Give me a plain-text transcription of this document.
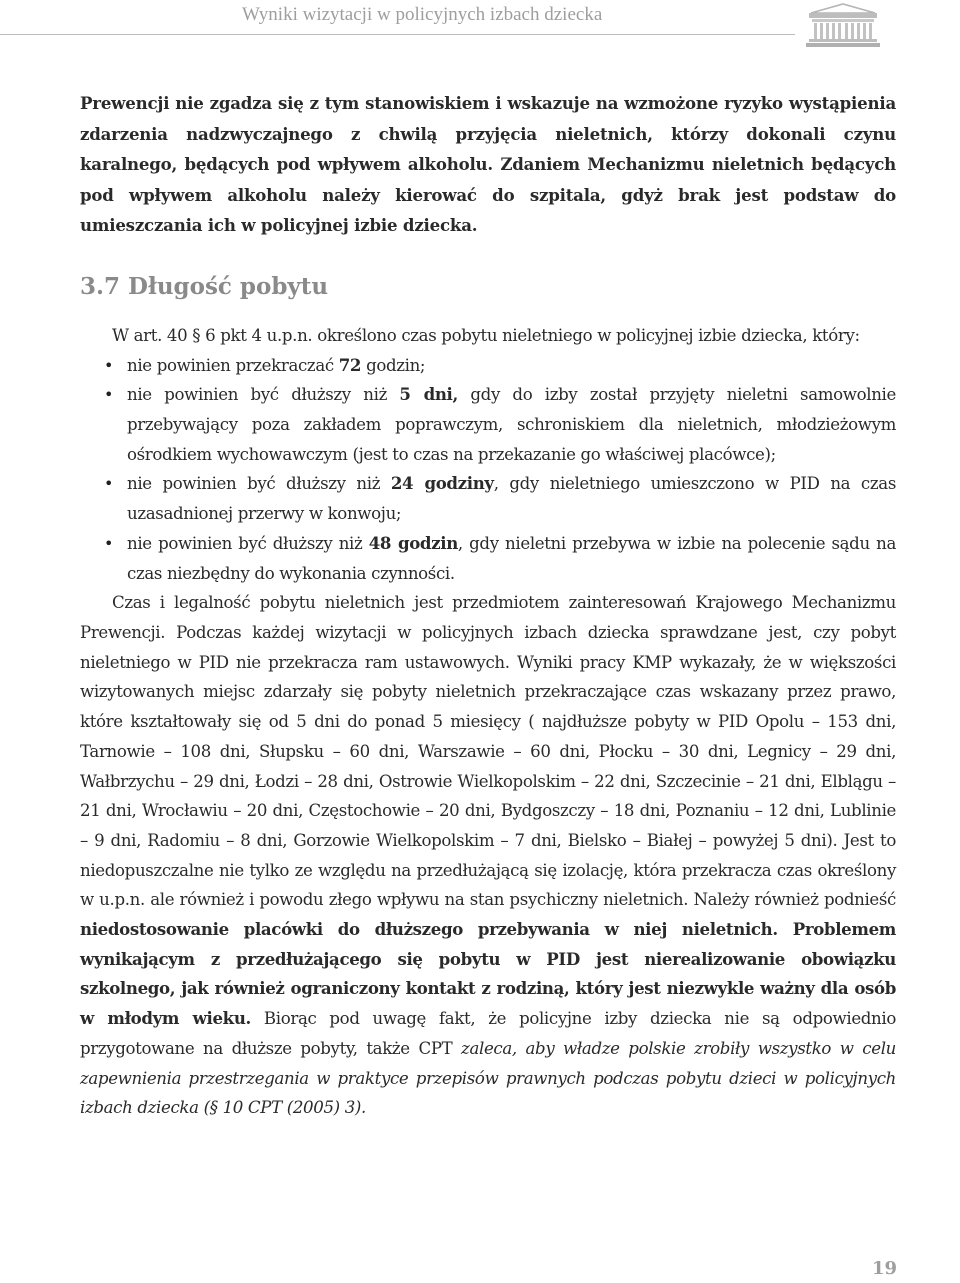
Wyniki wizytacji w policyjnych izbach dziecka

Prewencji nie zgadza się z tym stanowiskiem i wskazuje na wzmożone ryzyko wystąpienia zdarzenia nadzwyczajnego z chwilą przyjęcia nieletnich, którzy dokonali czynu karalnego, będących pod wpływem alkoholu. Zdaniem Mechanizmu nieletnich będących pod wpływem alkoholu należy kierować do szpitala, gdyż brak jest podstaw do umieszczania ich w policyjnej izbie dziecka.

3.7 Długość pobytu

W art. 40 § 6 pkt 4 u.p.n. określono czas pobytu nieletniego w policyjnej izbie dziecka, który:

• nie powinien przekraczać 72 godzin;
• nie powinien być dłuższy niż 5 dni, gdy do izby został przyjęty nieletni samowolnie przebywający poza zakładem poprawczym, schroniskiem dla nieletnich, młodzieżowym ośrodkiem wychowawczym (jest to czas na przekazanie go właściwej placówce);
• nie powinien być dłuższy niż 24 godziny, gdy nieletniego umieszczono w PID na czas uzasadnionej przerwy w konwoju;
• nie powinien być dłuższy niż 48 godzin, gdy nieletni przebywa w izbie na polecenie sądu na czas niezbędny do wykonania czynności.

Czas i legalność pobytu nieletnich jest przedmiotem zainteresowań Krajowego Mechanizmu Prewencji. Podczas każdej wizytacji w policyjnych izbach dziecka sprawdzane jest, czy pobyt nieletniego w PID nie przekracza ram ustawowych. Wyniki pracy KMP wykazały, że w większości wizytowanych miejsc zdarzały się pobyty nieletnich przekraczające czas wskazany przez prawo, które kształtowały się od 5 dni do ponad 5 miesięcy ( najdłuższe pobyty w PID Opolu – 153 dni, Tarnowie – 108 dni, Słupsku – 60 dni, Warszawie – 60 dni, Płocku – 30 dni, Legnicy – 29 dni, Wałbrzychu – 29 dni, Łodzi – 28 dni, Ostrowie Wielkopolskim – 22 dni, Szczecinie – 21 dni, Elblągu – 21 dni, Wrocławiu – 20 dni, Częstochowie – 20 dni, Bydgoszczy – 18 dni, Poznaniu – 12 dni, Lublinie – 9 dni, Radomiu – 8 dni, Gorzowie Wielkopolskim – 7 dni, Bielsko – Białej – powyżej 5 dni). Jest to niedopuszczalne nie tylko ze względu na przedłużającą się izolację, która przekracza czas określony w u.p.n. ale również i powodu złego wpływu na stan psychiczny nieletnich. Należy również podnieść niedostosowanie placówki do dłuższego przebywania w niej nieletnich. Problemem wynikającym z przedłużającego się pobytu w PID jest nierealizowanie obowiązku szkolnego, jak również ograniczony kontakt z rodziną, który jest niezwykle ważny dla osób w młodym wieku. Biorąc pod uwagę fakt, że policyjne izby dziecka nie są odpowiednio przygotowane na dłuższe pobyty, także CPT zaleca, aby władze polskie zrobiły wszystko w celu zapewnienia przestrzegania w praktyce przepisów prawnych podczas pobytu dzieci w policyjnych izbach dziecka (§ 10 CPT (2005) 3).

19
